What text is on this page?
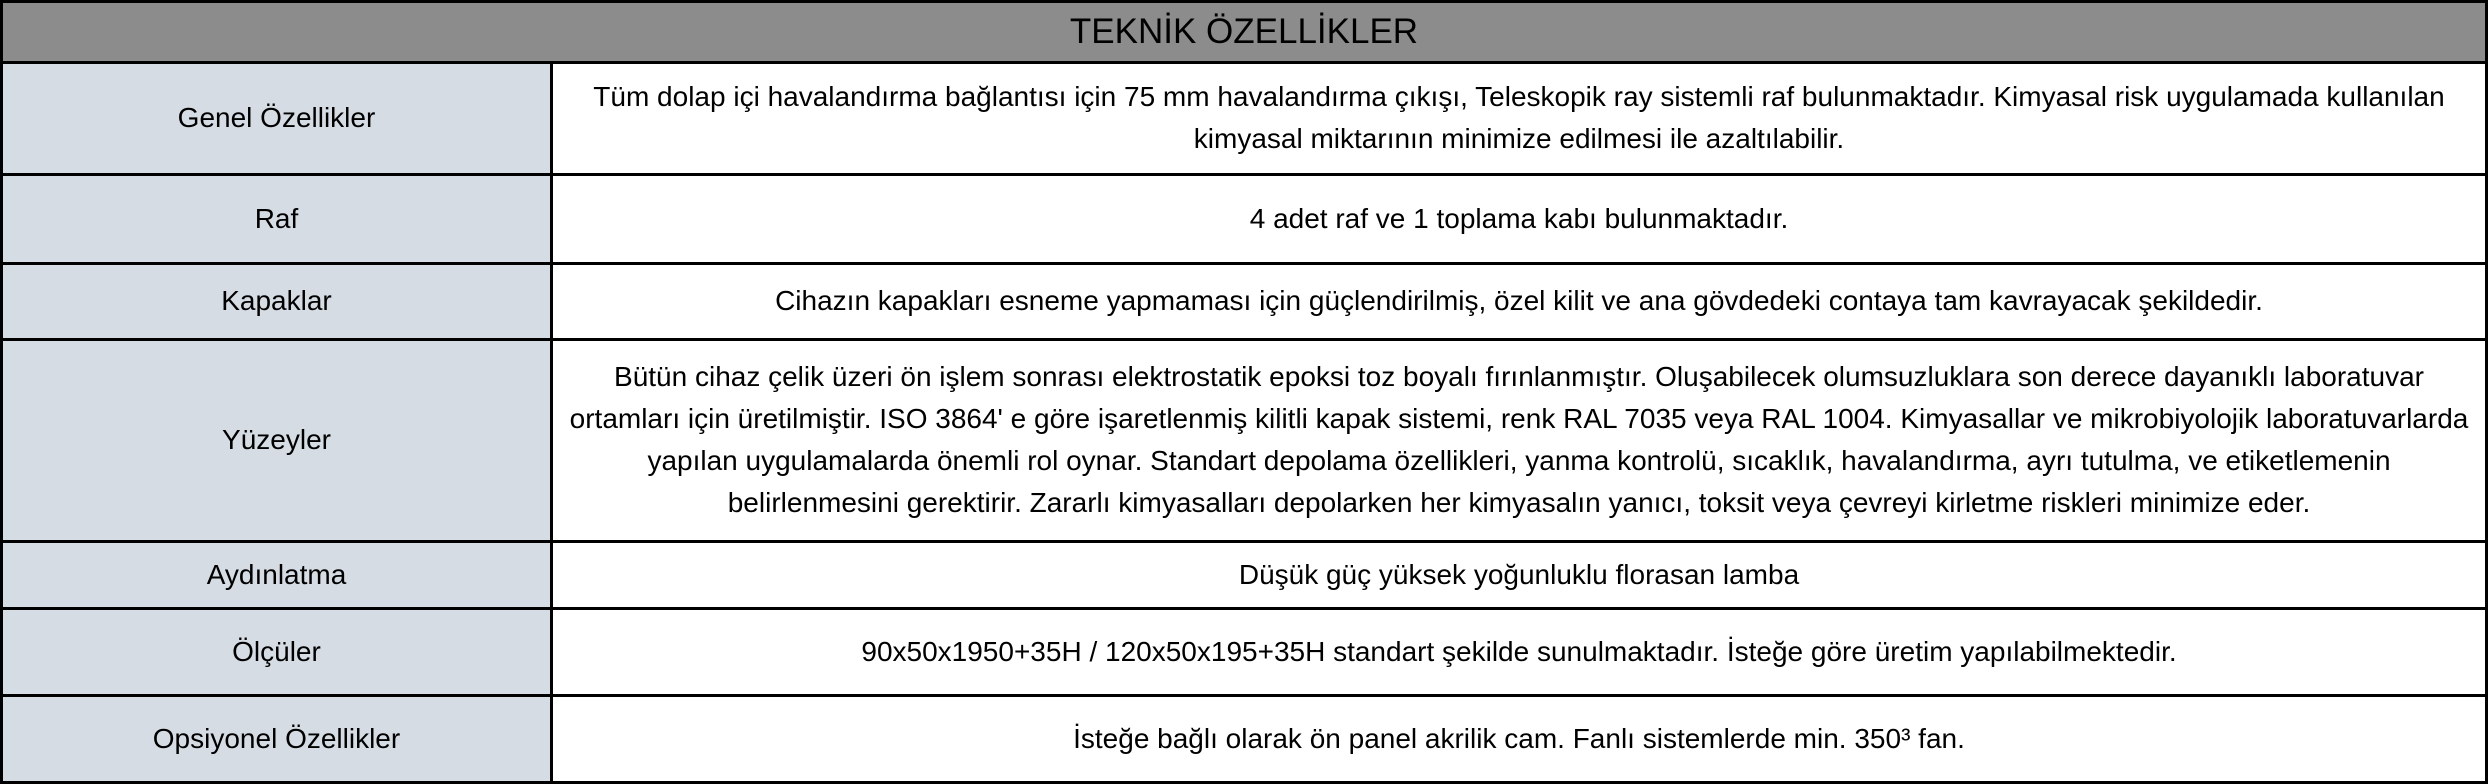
TEKNİK ÖZELLİKLER	
Genel Özellikler	Tüm dolap içi havalandırma bağlantısı için 75 mm havalandırma çıkışı, Teleskopik ray sistemli raf bulunmaktadır. Kimyasal risk uygulamada kullanılan kimyasal miktarının minimize edilmesi ile azaltılabilir.
Raf	4 adet raf ve 1 toplama kabı bulunmaktadır.
Kapaklar	Cihazın kapakları esneme yapmaması için güçlendirilmiş, özel kilit ve ana gövdedeki contaya tam kavrayacak şekildedir.
Yüzeyler	Bütün cihaz çelik üzeri ön işlem sonrası elektrostatik epoksi toz boyalı fırınlanmıştır. Oluşabilecek olumsuzluklara son derece dayanıklı laboratuvar ortamları için üretilmiştir. ISO 3864' e göre işaretlenmiş kilitli kapak sistemi, renk RAL 7035 veya RAL 1004. Kimyasallar ve mikrobiyolojik laboratuvarlarda yapılan uygulamalarda önemli rol oynar. Standart depolama özellikleri, yanma kontrolü, sıcaklık, havalandırma, ayrı tutulma, ve etiketlemenin belirlenmesini gerektirir. Zararlı kimyasalları depolarken her kimyasalın yanıcı, toksit veya çevreyi kirletme riskleri minimize eder.
Aydınlatma	Düşük güç yüksek yoğunluklu florasan lamba
Ölçüler	90x50x1950+35H / 120x50x195+35H standart şekilde sunulmaktadır. İsteğe göre üretim yapılabilmektedir.
Opsiyonel Özellikler	İsteğe bağlı olarak ön panel akrilik cam. Fanlı sistemlerde min. 350³ fan.
